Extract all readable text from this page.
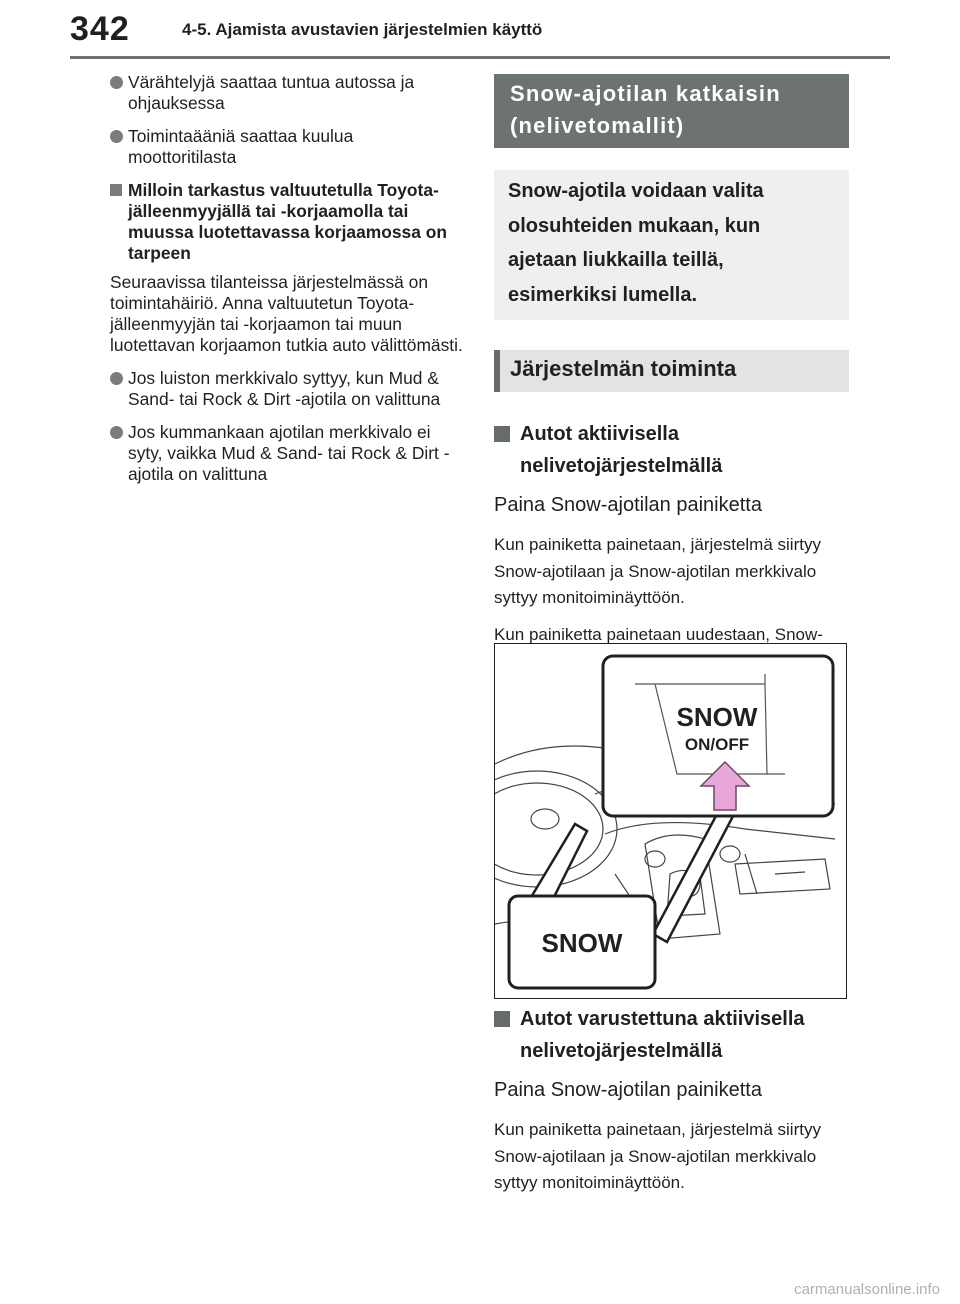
342	4-5. Ajamista avustavien järjestelmien käyttö
Värähtelyjä saattaa tuntua autossa ja ohjauksessa
Toimintaääniä saattaa kuulua moottoritilasta
Milloin tarkastus valtuutetulla Toyota-jälleenmyyjällä tai -korjaamolla tai muussa luotettavassa korjaamossa on tarpeen
Seuraavissa tilanteissa järjestelmässä on toimintahäiriö. Anna valtuutetun Toyota-jälleenmyyjän tai -korjaamon tai muun luotettavan korjaamon tutkia auto välittömästi.
Jos luiston merkkivalo syttyy, kun Mud & Sand- tai Rock & Dirt -ajotila on valittuna
Jos kummankaan ajotilan merkkivalo ei syty, vaikka Mud & Sand- tai Rock & Dirt -ajotila on valittuna
Snow-ajotilan katkaisin (nelivetomallit)
Snow-ajotila voidaan valita olosuhteiden mukaan, kun ajetaan liukkailla teillä, esimerkiksi lumella.
Järjestelmän toiminta
Autot aktiivisella nelivetojärjestelmällä
Paina Snow-ajotilan painiketta
Kun painiketta painetaan, järjestelmä siirtyy Snow-ajotilaan ja Snow-ajotilan merkkivalo syttyy monitoiminäyttöön.
Kun painiketta painetaan uudestaan, Snow-
SNOW
ON/OFF
SNOW
Autot varustettuna aktiivisella nelivetojärjestelmällä
Paina Snow-ajotilan painiketta
Kun painiketta painetaan, järjestelmä siirtyy Snow-ajotilaan ja Snow-ajotilan merkkivalo syttyy monitoiminäyttöön.
carmanualsonline.info
